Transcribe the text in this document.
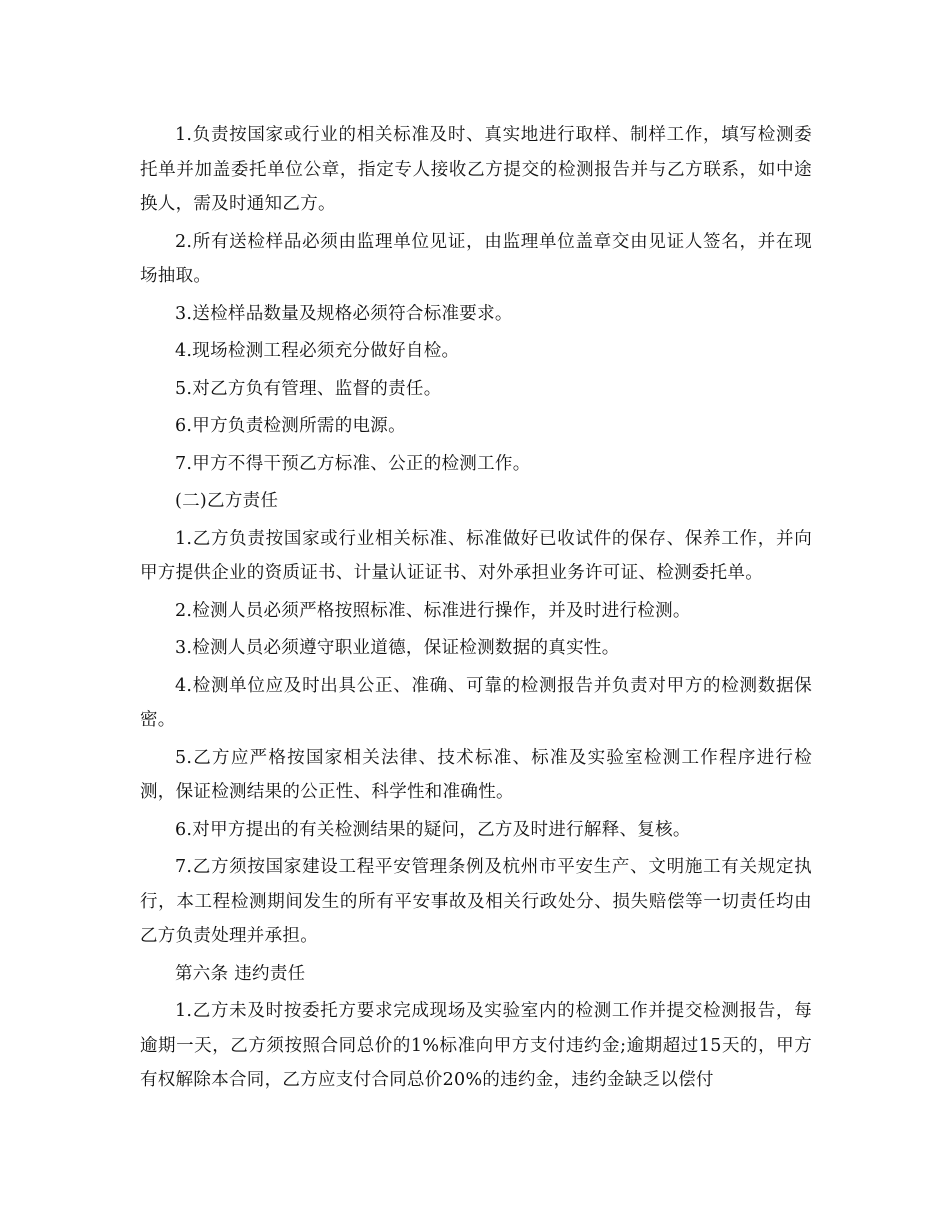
1.负责按国家或行业的相关标准及时、真实地进行取样、制样工作，填写检测委托单并加盖委托单位公章，指定专人接收乙方提交的检测报告并与乙方联系，如中途换人，需及时通知乙方。

2.所有送检样品必须由监理单位见证，由监理单位盖章交由见证人签名，并在现场抽取。

3.送检样品数量及规格必须符合标准要求。

4.现场检测工程必须充分做好自检。

5.对乙方负有管理、监督的责任。

6.甲方负责检测所需的电源。

7.甲方不得干预乙方标准、公正的检测工作。

(二)乙方责任

1.乙方负责按国家或行业相关标准、标准做好已收试件的保存、保养工作，并向甲方提供企业的资质证书、计量认证证书、对外承担业务许可证、检测委托单。

2.检测人员必须严格按照标准、标准进行操作，并及时进行检测。

3.检测人员必须遵守职业道德，保证检测数据的真实性。

4.检测单位应及时出具公正、准确、可靠的检测报告并负责对甲方的检测数据保密。

5.乙方应严格按国家相关法律、技术标准、标准及实验室检测工作程序进行检测，保证检测结果的公正性、科学性和准确性。

6.对甲方提出的有关检测结果的疑问，乙方及时进行解释、复核。

7.乙方须按国家建设工程平安管理条例及杭州市平安生产、文明施工有关规定执行，本工程检测期间发生的所有平安事故及相关行政处分、损失赔偿等一切责任均由乙方负责处理并承担。

第六条 违约责任

1.乙方未及时按委托方要求完成现场及实验室内的检测工作并提交检测报告，每逾期一天，乙方须按照合同总价的1%标准向甲方支付违约金;逾期超过15天的，甲方有权解除本合同，乙方应支付合同总价20%的违约金，违约金缺乏以偿付
